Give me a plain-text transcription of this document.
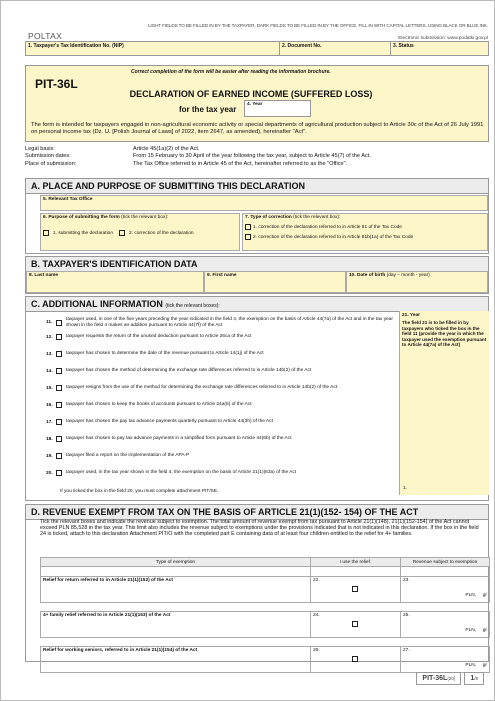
LIGHT FIELDS TO BE FILLED IN BY THE TAXPAYER, DARK FIELDS TO BE FILLED IN BY THE OFFICE. FILL IN WITH CAPITAL LETTERS, USING BLACK OR BLUE INK.
POLTAX	Electronic submission: www.podatki.gov.pl
1. Taxpayer's Tax Identification No. (NIP)	2. Document No.	3. Status
Correct completion of the form will be easier after reading the information brochure.
PIT-36L
DECLARATION OF EARNED INCOME (SUFFERED LOSS)
for the tax year
4. Year
The form is intended for taxpayers engaged in non-agricultural economic activity or special departments of agricultural production subject to Article 30c of the Act of 26 July 1991 on personal income tax (Dz. U. [Polish Journal of Laws] of 2022, item 2647, as amended), hereinafter "Act".
Legal basis:	Article 45(1a)(2) of the Act.
Submission dates:	From 15 February to 30 April of the year following the tax year, subject to Article 45(7) of the Act.
Place of submission:	The Tax Office referred to in Article 45 of the Act, hereinafter referred to as the "Office".
A. PLACE AND PURPOSE OF SUBMITTING THIS DECLARATION
5. Relevant Tax Office
6. Purpose of submitting the form (tick the relevant box):
1. submitting the declaration	2. correction of the declaration
7. Type of correction (tick the relevant box):
1. correction of the declaration referred to in Article 81 of the Tax Code
2. correction of the declaration referred to in Article 81b(1a) of the Tax Code
B. TAXPAYER'S IDENTIFICATION DATA
8. Last name	9. First name	10. Date of birth (day – month - year)
C. ADDITIONAL INFORMATION (tick the relevant boxes):
11.
taxpayer used, in one of the five years preceding the year indicated in the field 4, the exemption on the basis of Article 44(7a) of the Act and in the tax year shown in the field 4 makes an addition pursuant to Article 44(7f) of the Act
12.	taxpayer requests the return of the unused deduction pursuant to Article 26ca of the Act
13.	taxpayer has chosen to determine the date of the revenue pursuant to Article 14(1j) of the Act
14.	taxpayer has chosen the method of determining the exchange rate differences referred to in Article 14b(2) of the Act
15.	taxpayer resigns from the use of the method for determining the exchange rate differences referred to in Article 14b(2) of the Act
16.	taxpayer has chosen to keep the books of accounts pursuant to Article 24a(5) of the Act
17.	taxpayer has chosen the pay tax advance payments quarterly pursuant to Article 44(3h) of the Act
18.	taxpayer has chosen to pay tax advance payments in a simplified form pursuant to Article 44(6b) of the Act
19.	taxpayer filed a report on the implementation of the APA-P
20.	taxpayer used, in the tax year shown in the field 4, the exemption on the basis of Article 21(1)(63a) of the Act
If you ticked the box in the field 20, you must complete attachment PIT/SE.
21. Year
The field 21 is to be filled in by taxpayers who ticked the box in the field 11 (provide the year in which the taxpayer used the exemption pursuant to Article 44(7a) of the Act)
1.
D. REVENUE EXEMPT FROM TAX ON THE BASIS OF ARTICLE 21(1)(152- 154) OF THE ACT
Tick the relevant boxes and indicate the revenue subject to exemption. The total amount of revenue exempt from tax pursuant to Article 21(1)(148), 21(1)(152-154) of the Act cannot exceed PLN 85,528 in the tax year. This limit also includes the revenue subject to exemptions under the provisions indicated that is not indicated in this declaration. If the box in the field 24 is ticked, attach to this declaration Attachment PIT/O with the completed part E containing data of at least four children entitled to the relief for 4+ families.
Type of exemption	I use the relief.	Revenue subject to exemption

Relief for return referred to in Article 21(1)(152) of the Act	22.	23.
PLN, gr

4+ family relief referred to in Article 21(1)(153) of the Act	24.	25.
PLN, gr

Relief for working seniors, referred to in Article 21(1)(154) of the Act	26.	27.
PLN, gr

PIT-36L(20)	1/8
